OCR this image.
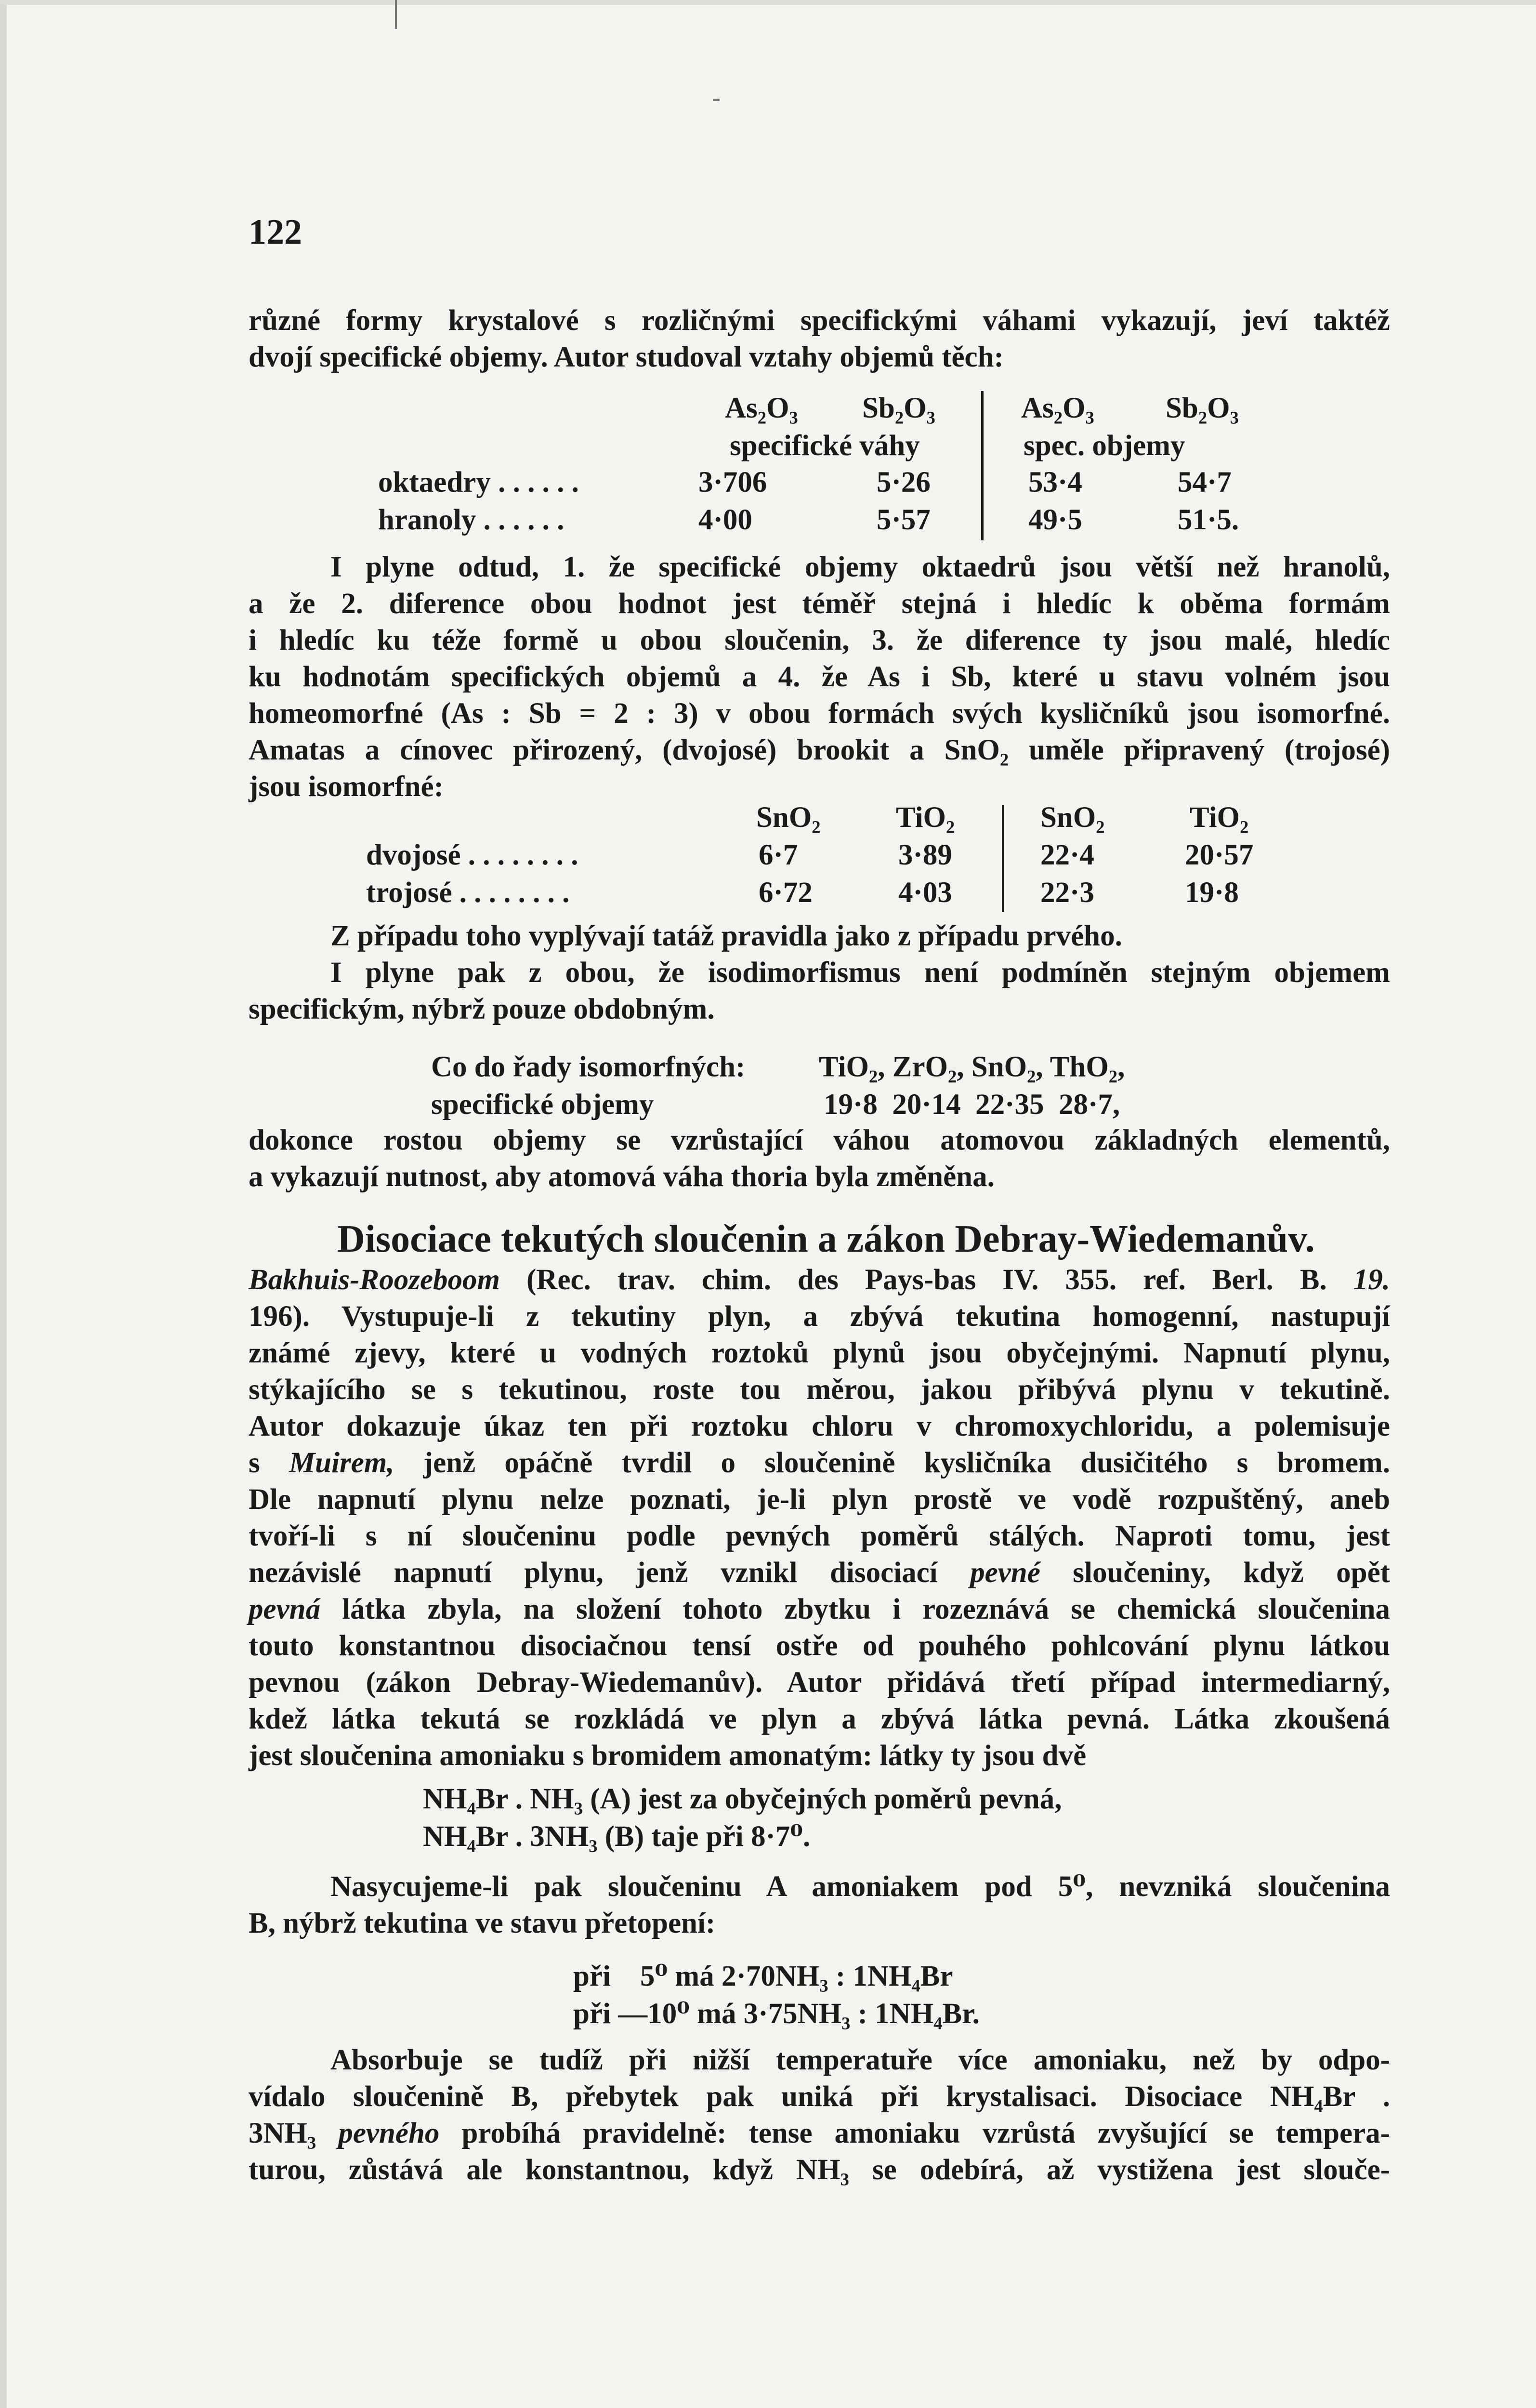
122
různé formy krystalové s rozličnými specifickými váhami vykazují, jeví taktéž
dvojí specifické objemy. Autor studoval vztahy objemů těch:
As₂O₃ Sb₂O₃	As₂O₃ Sb₂O₃
specifické váhy	spec. objemy
oktaedry . . . . . .	3·706	5·26	53·4	54·7
hranoly . . . . . .	4·00	5·57	49·5	51·5.
I plyne odtud, 1. že specifické objemy oktaedrů jsou větší než hranolů,
a že 2. diference obou hodnot jest téměř stejná i hledíc k oběma formám
i hledíc ku téže formě u obou sloučenin, 3. že diference ty jsou malé, hledíc
ku hodnotám specifických objemů a 4. že As i Sb, které u stavu volném jsou
homeomorfné (As : Sb = 2 : 3) v obou formách svých kysličníků jsou isomorfné.
Amatas a cínovec přirozený, (dvojosé) brookit a SnO₂ uměle připravený (trojosé)
jsou isomorfné:
SnO₂	TiO₂	SnO₂	TiO₂
dvojosé . . . . . . . .	6·7	3·89	22·4	20·57
trojosé . . . . . . . .	6·72	4·03	22·3	19·8
Z případu toho vyplývají tatáž pravidla jako z případu prvého.
I plyne pak z obou, že isodimorfismus není podmíněn stejným objemem
specifickým, nýbrž pouze obdobným.
Co do řady isomorfných:	TiO₂, ZrO₂, SnO₂, ThO₂,
specifické objemy	19·8  20·14  22·35  28·7,
dokonce rostou objemy se vzrůstající váhou atomovou základných elementů,
a vykazují nutnost, aby atomová váha thoria byla změněna.
Disociace tekutých sloučenin a zákon Debray-Wiedemanův.
Bakhuis-Roozeboom (Rec. trav. chim. des Pays-bas IV. 355. ref. Berl. B. 19.
196). Vystupuje-li z tekutiny plyn, a zbývá tekutina homogenní, nastupují
známé zjevy, které u vodných roztoků plynů jsou obyčejnými. Napnutí plynu,
stýkajícího se s tekutinou, roste tou měrou, jakou přibývá plynu v tekutině.
Autor dokazuje úkaz ten při roztoku chloru v chromoxychloridu, a polemisuje
s Muirem, jenž opáčně tvrdil o sloučenině kysličníka dusičitého s bromem.
Dle napnutí plynu nelze poznati, je-li plyn prostě ve vodě rozpuštěný, aneb
tvoří-li s ní sloučeninu podle pevných poměrů stálých. Naproti tomu, jest
nezávislé napnutí plynu, jenž vznikl disociací pevné sloučeniny, když opět
pevná látka zbyla, na složení tohoto zbytku i rozeznává se chemická sloučenina
touto konstantnou disociačnou tensí ostře od pouhého pohlcování plynu látkou
pevnou (zákon Debray-Wiedemanův). Autor přidává třetí případ intermediarný,
kdež látka tekutá se rozkládá ve plyn a zbývá látka pevná. Látka zkoušená
jest sloučenina amoniaku s bromidem amonatým: látky ty jsou dvě
NH₄Br . NH₃ (A) jest za obyčejných poměrů pevná,
NH₄Br . 3NH₃ (B) taje při 8·7⁰.
Nasycujeme-li pak sloučeninu A amoniakem pod 5⁰, nevzniká sloučenina
B, nýbrž tekutina ve stavu přetopení:
při    5⁰ má 2·70NH₃ : 1NH₄Br
při —10⁰ má 3·75NH₃ : 1NH₄Br.
Absorbuje se tudíž při nižší temperatuře více amoniaku, než by odpo-
vídalo sloučenině B, přebytek pak uniká při krystalisaci. Disociace NH₄Br .
3NH₃ pevného probíhá pravidelně: tense amoniaku vzrůstá zvyšující se tempera-
turou, zůstává ale konstantnou, když NH₃ se odebírá, až vystižena jest slouče-
